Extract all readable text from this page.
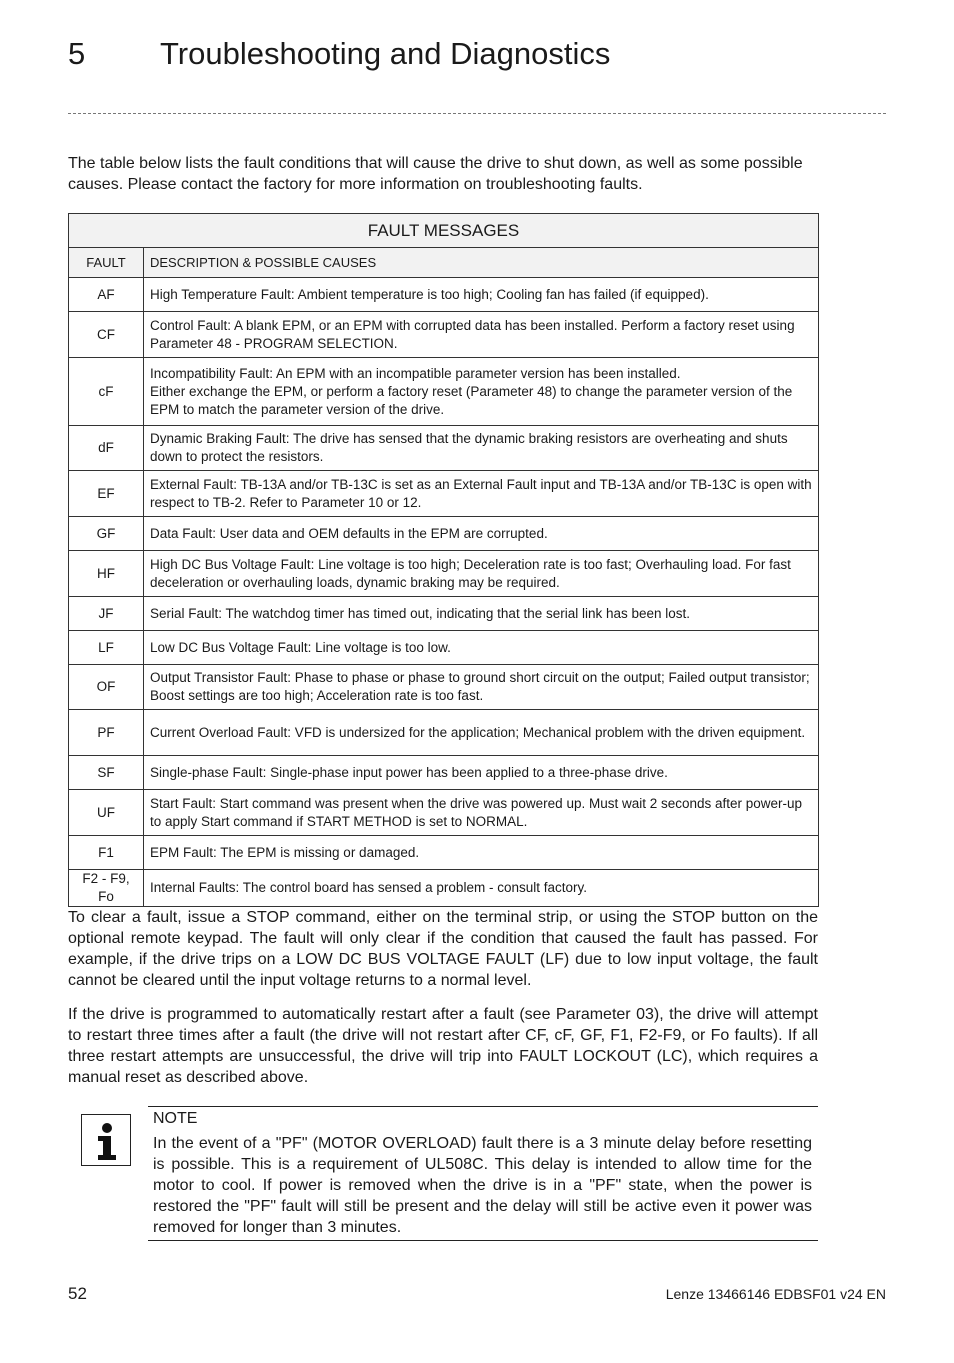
5 Troubleshooting and Diagnostics

The table below lists the fault conditions that will cause the drive to shut down, as well as some possible causes. Please contact the factory for more information on troubleshooting faults.

FAULT MESSAGES	
FAULT	DESCRIPTION & POSSIBLE CAUSES
AF	High Temperature Fault: Ambient temperature is too high; Cooling fan has failed (if equipped).
CF	Control Fault: A blank EPM, or an EPM with corrupted data has been installed. Perform a factory reset using Parameter 48 - PROGRAM SELECTION.
cF	Incompatibility Fault: An EPM with an incompatible parameter version has been installed.
Either exchange the EPM, or perform a factory reset (Parameter 48) to change the parameter version of the EPM to match the parameter version of the drive.
dF	Dynamic Braking Fault: The drive has sensed that the dynamic braking resistors are overheating and shuts down to protect the resistors.
EF	External Fault: TB-13A and/or TB-13C is set as an External Fault input and TB-13A and/or TB-13C is open with respect to TB-2. Refer to Parameter 10 or 12.
GF	Data Fault: User data and OEM defaults in the EPM are corrupted.
HF	High DC Bus Voltage Fault: Line voltage is too high; Deceleration rate is too fast; Overhauling load. For fast deceleration or overhauling loads, dynamic braking may be required.
JF	Serial Fault: The watchdog timer has timed out, indicating that the serial link has been lost.
LF	Low DC Bus Voltage Fault: Line voltage is too low.
OF	Output Transistor Fault: Phase to phase or phase to ground short circuit on the output; Failed output transistor; Boost settings are too high; Acceleration rate is too fast.
PF	Current Overload Fault: VFD is undersized for the application; Mechanical problem with the driven equipment.
SF	Single-phase Fault: Single-phase input power has been applied to a three-phase drive.
UF	Start Fault: Start command was present when the drive was powered up. Must wait 2 seconds after power-up to apply Start command if START METHOD is set to NORMAL.
F1	EPM Fault: The EPM is missing or damaged.
F2 - F9, Fo	Internal Faults: The control board has sensed a problem - consult factory.

To clear a fault, issue a STOP command, either on the terminal strip, or using the STOP button on the optional remote keypad. The fault will only clear if the condition that caused the fault has passed. For example, if the drive trips on a LOW DC BUS VOLTAGE FAULT (LF) due to low input voltage, the fault cannot be cleared until the input voltage returns to a normal level.

If the drive is programmed to automatically restart after a fault (see Parameter 03), the drive will attempt to restart three times after a fault (the drive will not restart after CF, cF, GF, F1, F2-F9, or Fo faults). If all three restart attempts are unsuccessful, the drive will trip into FAULT LOCKOUT (LC), which requires a manual reset as described above.

NOTE

In the event of a "PF" (MOTOR OVERLOAD) fault there is a 3 minute delay before resetting is possible. This is a requirement of UL508C. This delay is intended to allow time for the motor to cool. If power is removed when the drive is in a "PF" state, when the power is restored the "PF" fault will still be present and the delay will still be active even it power was removed for longer than 3 minutes.

52	Lenze 13466146 EDBSF01 v24 EN
